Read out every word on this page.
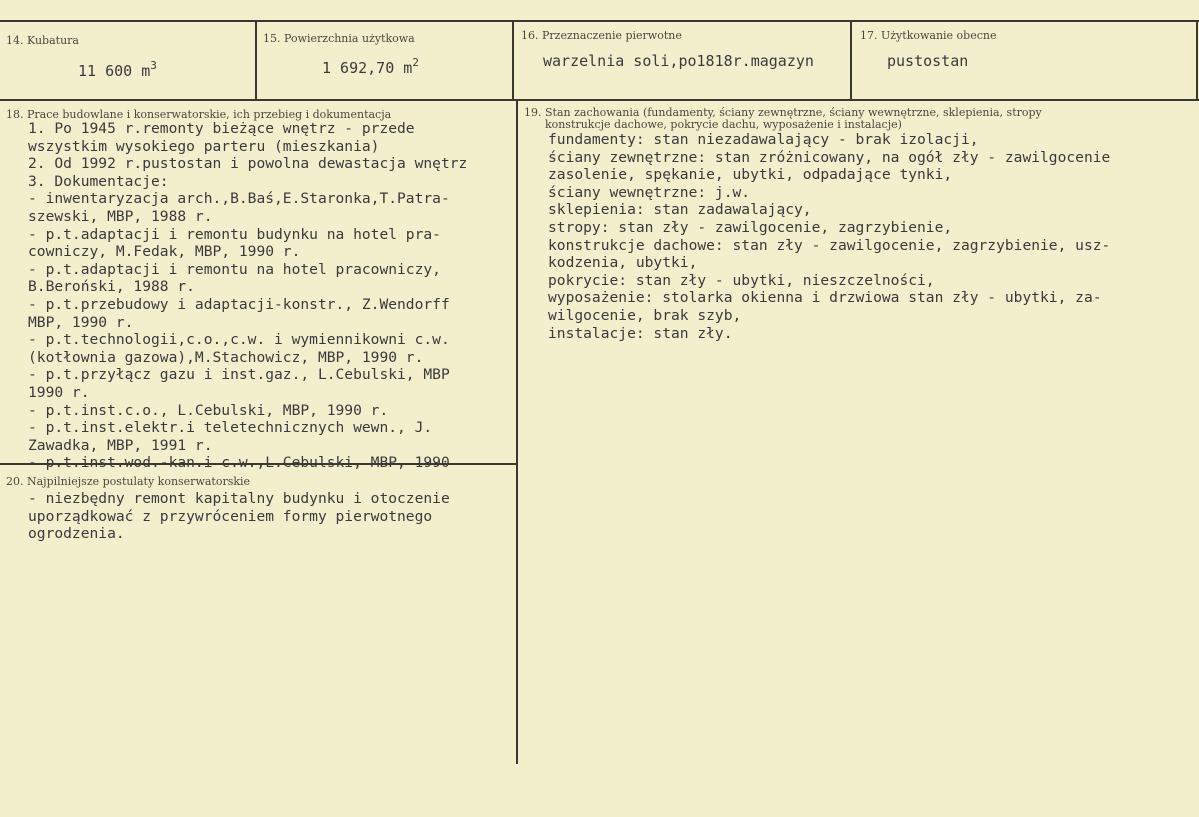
14. Kubatura
11 600 $m^3$
15. Powierzchnia użytkowa
1 692,70 $m^2$
16. Przeznaczenie pierwotne
warzelnia soli,po1818r.magazyn
17. Użytkowanie obecne
pustostan
18. Prace budowlane i konserwatorskie, ich przebieg i dokumentacja
1. Po 1945 r.remonty bieżące wnętrz - przede
wszystkim wysokiego parteru (mieszkania)
2. Od 1992 r.pustostan i powolna dewastacja wnętrz
3. Dokumentacje:
- inwentaryzacja arch.,B.Baś,E.Staronka,T.Patra-
szewski, MBP, 1988 r.
- p.t.adaptacji i remontu budynku na hotel pra-
cowniczy, M.Fedak, MBP, 1990 r.
- p.t.adaptacji i remontu na hotel pracowniczy,
B.Beroński, 1988 r.
- p.t.przebudowy i adaptacji-konstr., Z.Wendorff
MBP, 1990 r.
- p.t.technologii,c.o.,c.w. i wymiennikowni c.w.
(kotłownia gazowa),M.Stachowicz, MBP, 1990 r.
- p.t.przyłącz gazu i inst.gaz., L.Cebulski, MBP
1990 r.
- p.t.inst.c.o., L.Cebulski, MBP, 1990 r.
- p.t.inst.elektr.i teletechnicznych wewn., J.
Zawadka, MBP, 1991 r.
- p.t.inst.wod.-kan.i c.w.,L.Cebulski, MBP, 1990
19. Stan zachowania (fundamenty, ściany zewnętrzne, ściany wewnętrzne, sklepienia, stropy
konstrukcje dachowe, pokrycie dachu, wyposażenie i instalacje)
fundamenty: stan niezadawalający - brak izolacji,
ściany zewnętrzne: stan zróżnicowany, na ogół zły - zawilgocenie
zasolenie, spękanie, ubytki, odpadające tynki,
ściany wewnętrzne: j.w.
sklepienia: stan zadawalający,
stropy: stan zły - zawilgocenie, zagrzybienie,
konstrukcje dachowe: stan zły - zawilgocenie, zagrzybienie, usz-
kodzenia, ubytki,
pokrycie: stan zły - ubytki, nieszczelności,
wyposażenie: stolarka okienna i drzwiowa stan zły - ubytki, za-
wilgocenie, brak szyb,
instalacje: stan zły.
20. Najpilniejsze postulaty konserwatorskie
- niezbędny remont kapitalny budynku i otoczenie
uporządkować z przywróceniem formy pierwotnego
ogrodzenia.
